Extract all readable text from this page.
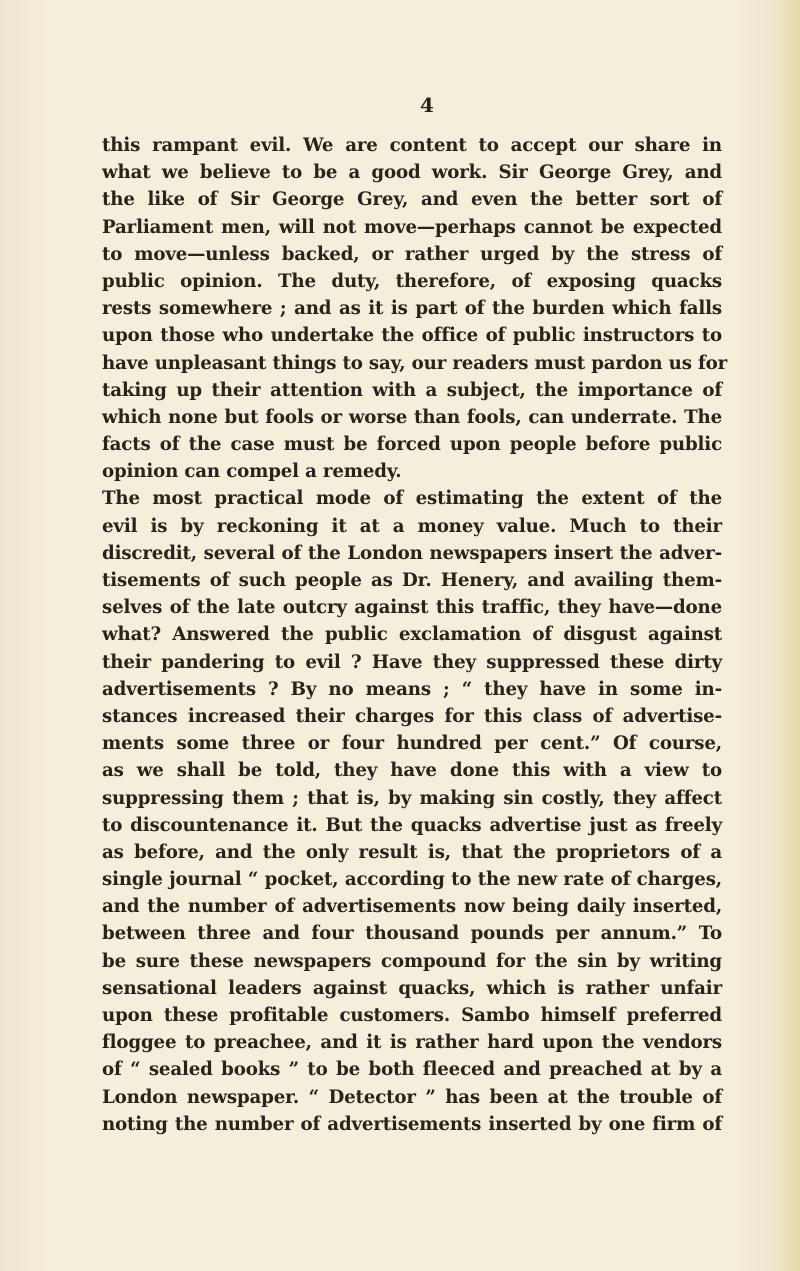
4
this rampant evil. We are content to accept our share in
what we believe to be a good work. Sir George Grey, and
the like of Sir George Grey, and even the better sort of
Parliament men, will not move—perhaps cannot be expected
to move—unless backed, or rather urged by the stress of
public opinion. The duty, therefore, of exposing quacks
rests somewhere ; and as it is part of the burden which falls
upon those who undertake the office of public instructors to
have unpleasant things to say, our readers must pardon us for
taking up their attention with a subject, the importance of
which none but fools or worse than fools, can underrate. The
facts of the case must be forced upon people before public
opinion can compel a remedy.
The most practical mode of estimating the extent of the
evil is by reckoning it at a money value. Much to their
discredit, several of the London newspapers insert the adver-
tisements of such people as Dr. Henery, and availing them-
selves of the late outcry against this traffic, they have—done
what? Answered the public exclamation of disgust against
their pandering to evil ? Have they suppressed these dirty
advertisements ? By no means ; “ they have in some in-
stances increased their charges for this class of advertise-
ments some three or four hundred per cent.” Of course,
as we shall be told, they have done this with a view to
suppressing them ; that is, by making sin costly, they affect
to discountenance it. But the quacks advertise just as freely
as before, and the only result is, that the proprietors of a
single journal “ pocket, according to the new rate of charges,
and the number of advertisements now being daily inserted,
between three and four thousand pounds per annum.” To
be sure these newspapers compound for the sin by writing
sensational leaders against quacks, which is rather unfair
upon these profitable customers. Sambo himself preferred
floggee to preachee, and it is rather hard upon the vendors
of “ sealed books ” to be both fleeced and preached at by a
London newspaper. “ Detector ” has been at the trouble of
noting the number of advertisements inserted by one firm of
